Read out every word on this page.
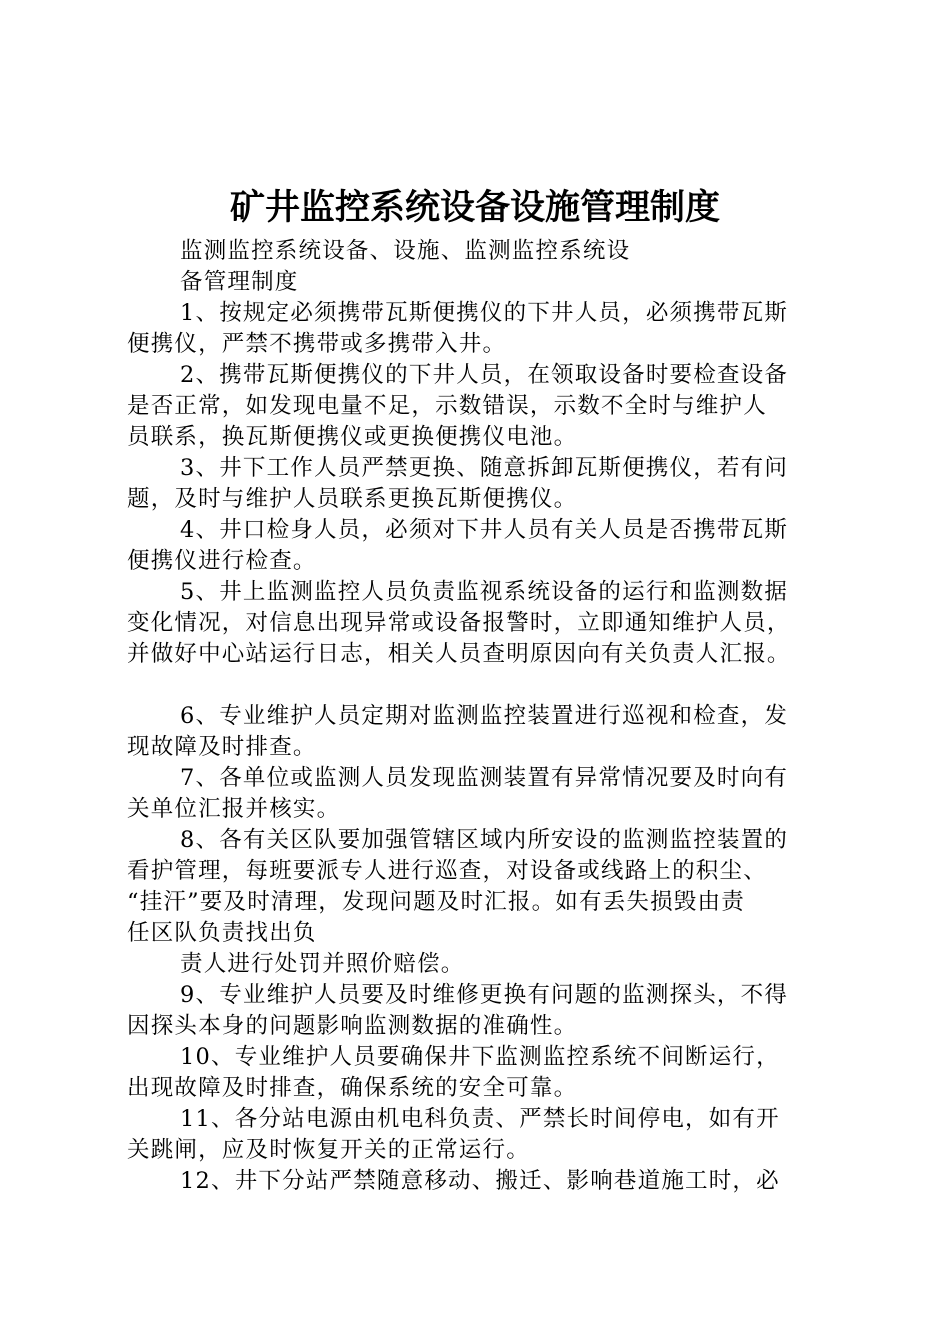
矿井监控系统设备设施管理制度
监测监控系统设备、设施、监测监控系统设
备管理制度
1、按规定必须携带瓦斯便携仪的下井人员，必须携带瓦斯
便携仪，严禁不携带或多携带入井。
2、携带瓦斯便携仪的下井人员，在领取设备时要检查设备
是否正常，如发现电量不足，示数错误，示数不全时与维护人
员联系，换瓦斯便携仪或更换便携仪电池。
3、井下工作人员严禁更换、随意拆卸瓦斯便携仪，若有问
题，及时与维护人员联系更换瓦斯便携仪。
4、井口检身人员，必须对下井人员有关人员是否携带瓦斯
便携仪进行检查。
5、井上监测监控人员负责监视系统设备的运行和监测数据
变化情况，对信息出现异常或设备报警时，立即通知维护人员，
并做好中心站运行日志，相关人员查明原因向有关负责人汇报。
6、专业维护人员定期对监测监控装置进行巡视和检查，发
现故障及时排查。
7、各单位或监测人员发现监测装置有异常情况要及时向有
关单位汇报并核实。
8、各有关区队要加强管辖区域内所安设的监测监控装置的
看护管理，每班要派专人进行巡查，对设备或线路上的积尘、
“挂汗”要及时清理，发现问题及时汇报。如有丢失损毁由责
任区队负责找出负
责人进行处罚并照价赔偿。
9、专业维护人员要及时维修更换有问题的监测探头，不得
因探头本身的问题影响监测数据的准确性。
10、专业维护人员要确保井下监测监控系统不间断运行，
出现故障及时排查，确保系统的安全可靠。
11、各分站电源由机电科负责、严禁长时间停电，如有开
关跳闸，应及时恢复开关的正常运行。
12、井下分站严禁随意移动、搬迁、影响巷道施工时，必
